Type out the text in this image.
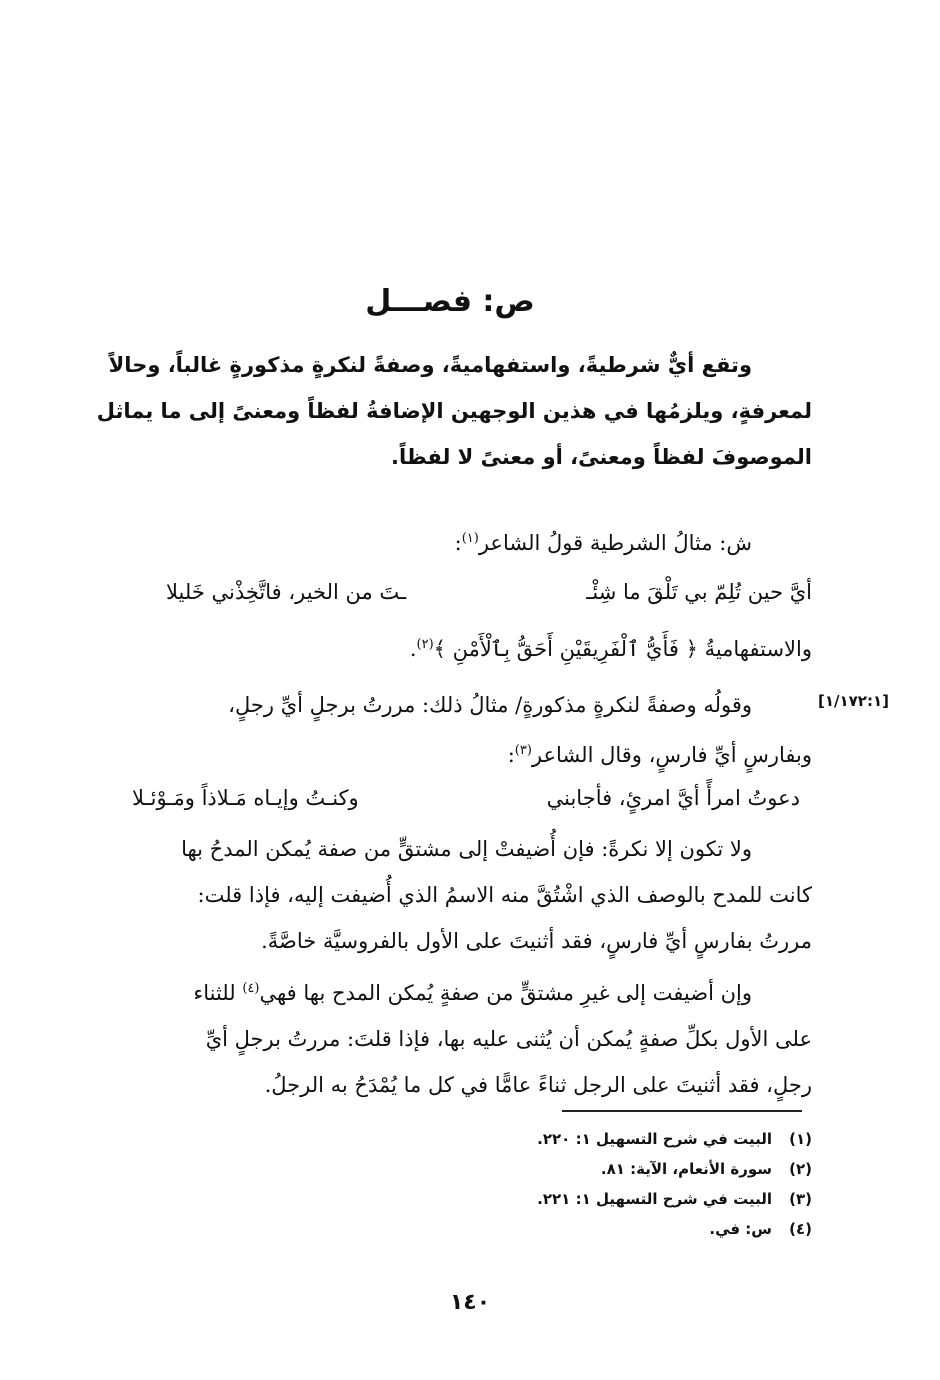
ص: فصـــل
وتقع أيٌّ شرطيةً، واستفهاميةً، وصفةً لنكرةٍ مذكورةٍ غالباً، وحالاً
لمعرفةٍ، ويلزمُها في هذين الوجهين الإضافةُ لفظاً ومعنىً إلى ما يماثل
الموصوفَ لفظاً ومعنىً، أو معنىً لا لفظاً.
ش: مثالُ الشرطية قولُ الشاعر$^{(١)}$:
أيَّ حين تُلِمّ بي تَلْقَ ما شِئْـ
ـتَ من الخير، فاتَّخِذْني خَليلا
والاستفهاميةُ ﴿ فَأَيُّ ٱلْفَرِيقَيْنِ أَحَقُّ بِٱلْأَمْنِ ﴾$^{(٢)}$.
[١/١٧٢:١]
وقولُه وصفةً لنكرةٍ مذكورةٍ/ مثالُ ذلك: مررتُ برجلٍ أيِّ رجلٍ،
وبفارسٍ أيِّ فارسٍ، وقال الشاعر$^{(٣)}$:
دعوتُ امرأً أيَّ امرئٍ، فأجابني
وكنـتُ وإيـاه مَـلاذاً ومَـوْئـلا
ولا تكون إلا نكرةً: فإن أُضيفتْ إلى مشتقٍّ من صفة يُمكن المدحُ بها
كانت للمدح بالوصف الذي اشْتُقَّ منه الاسمُ الذي أُضيفت إليه، فإذا قلت:
مررتُ بفارسٍ أيِّ فارسٍ، فقد أثنيتَ على الأول بالفروسيَّة خاصَّةً.
وإن أضيفت إلى غيرِ مشتقٍّ من صفةٍ يُمكن المدح بها فهي$^{(٤)}$ للثناء
على الأول بكلِّ صفةٍ يُمكن أن يُثنى عليه بها، فإذا قلتَ: مررتُ برجلٍ أيِّ
رجلٍ، فقد أثنيتَ على الرجل ثناءً عامًّا في كل ما يُمْدَحُ به الرجلُ.
(١)البيت في شرح التسهيل ١: ٢٢٠.
(٢)سورة الأنعام، الآية: ٨١.
(٣)البيت في شرح التسهيل ١: ٢٢١.
(٤)س: في.
١٤٠
